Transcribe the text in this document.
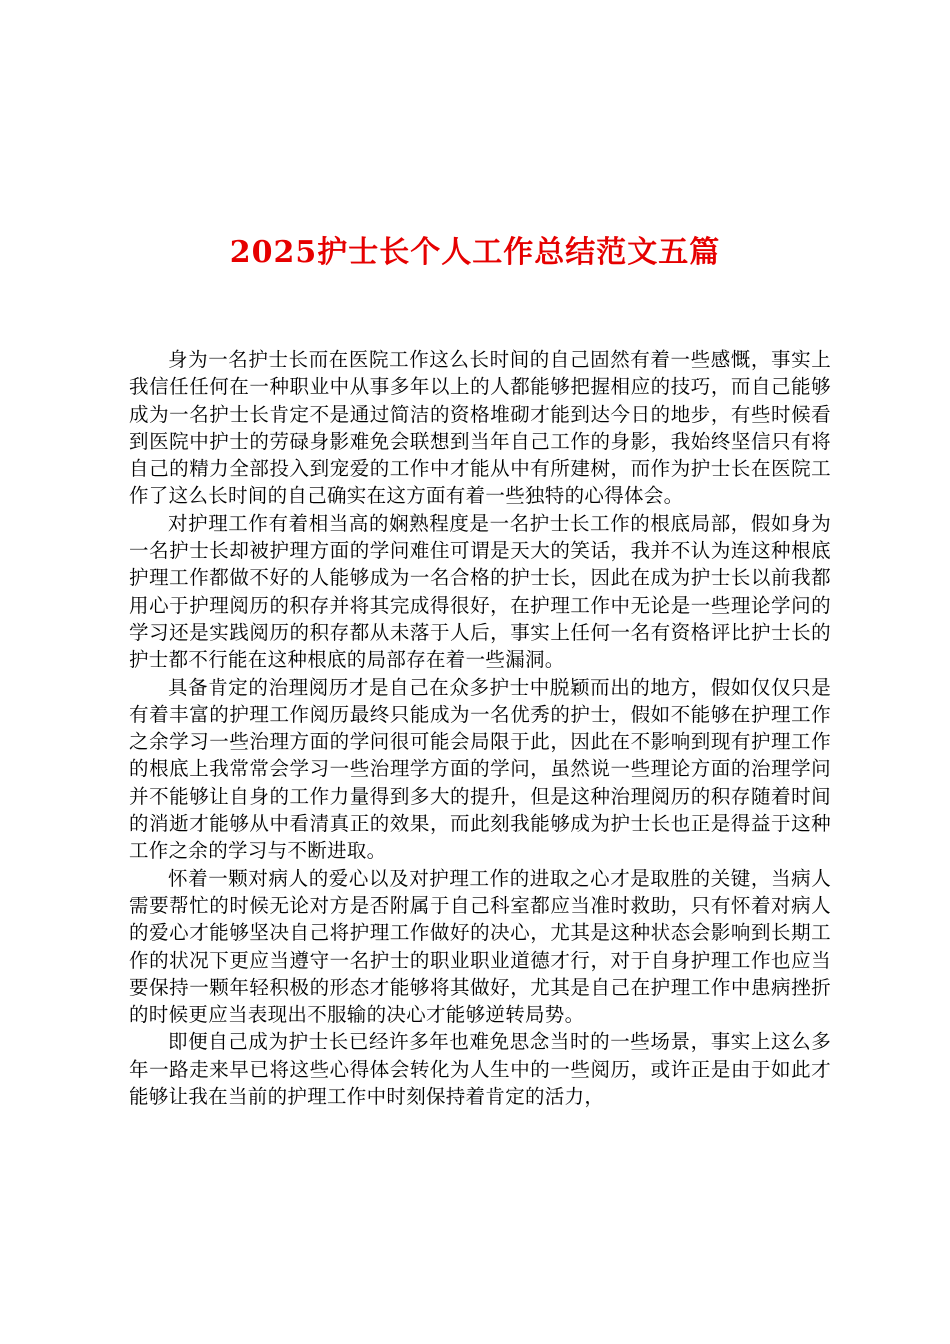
2025护士长个人工作总结范文五篇

身为一名护士长而在医院工作这么长时间的自己固然有着一些感慨，事实上我信任任何在一种职业中从事多年以上的人都能够把握相应的技巧，而自己能够成为一名护士长肯定不是通过简洁的资格堆砌才能到达今日的地步，有些时候看到医院中护士的劳碌身影难免会联想到当年自己工作的身影，我始终坚信只有将自己的精力全部投入到宠爱的工作中才能从中有所建树，而作为护士长在医院工作了这么长时间的自己确实在这方面有着一些独特的心得体会。

对护理工作有着相当高的娴熟程度是一名护士长工作的根底局部，假如身为一名护士长却被护理方面的学问难住可谓是天大的笑话，我并不认为连这种根底护理工作都做不好的人能够成为一名合格的护士长，因此在成为护士长以前我都用心于护理阅历的积存并将其完成得很好，在护理工作中无论是一些理论学问的学习还是实践阅历的积存都从未落于人后，事实上任何一名有资格评比护士长的护士都不行能在这种根底的局部存在着一些漏洞。

具备肯定的治理阅历才是自己在众多护士中脱颖而出的地方，假如仅仅只是有着丰富的护理工作阅历最终只能成为一名优秀的护士，假如不能够在护理工作之余学习一些治理方面的学问很可能会局限于此，因此在不影响到现有护理工作的根底上我常常会学习一些治理学方面的学问，虽然说一些理论方面的治理学问并不能够让自身的工作力量得到多大的提升，但是这种治理阅历的积存随着时间的消逝才能够从中看清真正的效果，而此刻我能够成为护士长也正是得益于这种工作之余的学习与不断进取。

怀着一颗对病人的爱心以及对护理工作的进取之心才是取胜的关键，当病人需要帮忙的时候无论对方是否附属于自己科室都应当准时救助，只有怀着对病人的爱心才能够坚决自己将护理工作做好的决心，尤其是这种状态会影响到长期工作的状况下更应当遵守一名护士的职业职业道德才行，对于自身护理工作也应当要保持一颗年轻积极的形态才能够将其做好，尤其是自己在护理工作中患病挫折的时候更应当表现出不服输的决心才能够逆转局势。

即便自己成为护士长已经许多年也难免思念当时的一些场景，事实上这么多年一路走来早已将这些心得体会转化为人生中的一些阅历，或许正是由于如此才能够让我在当前的护理工作中时刻保持着肯定的活力，
